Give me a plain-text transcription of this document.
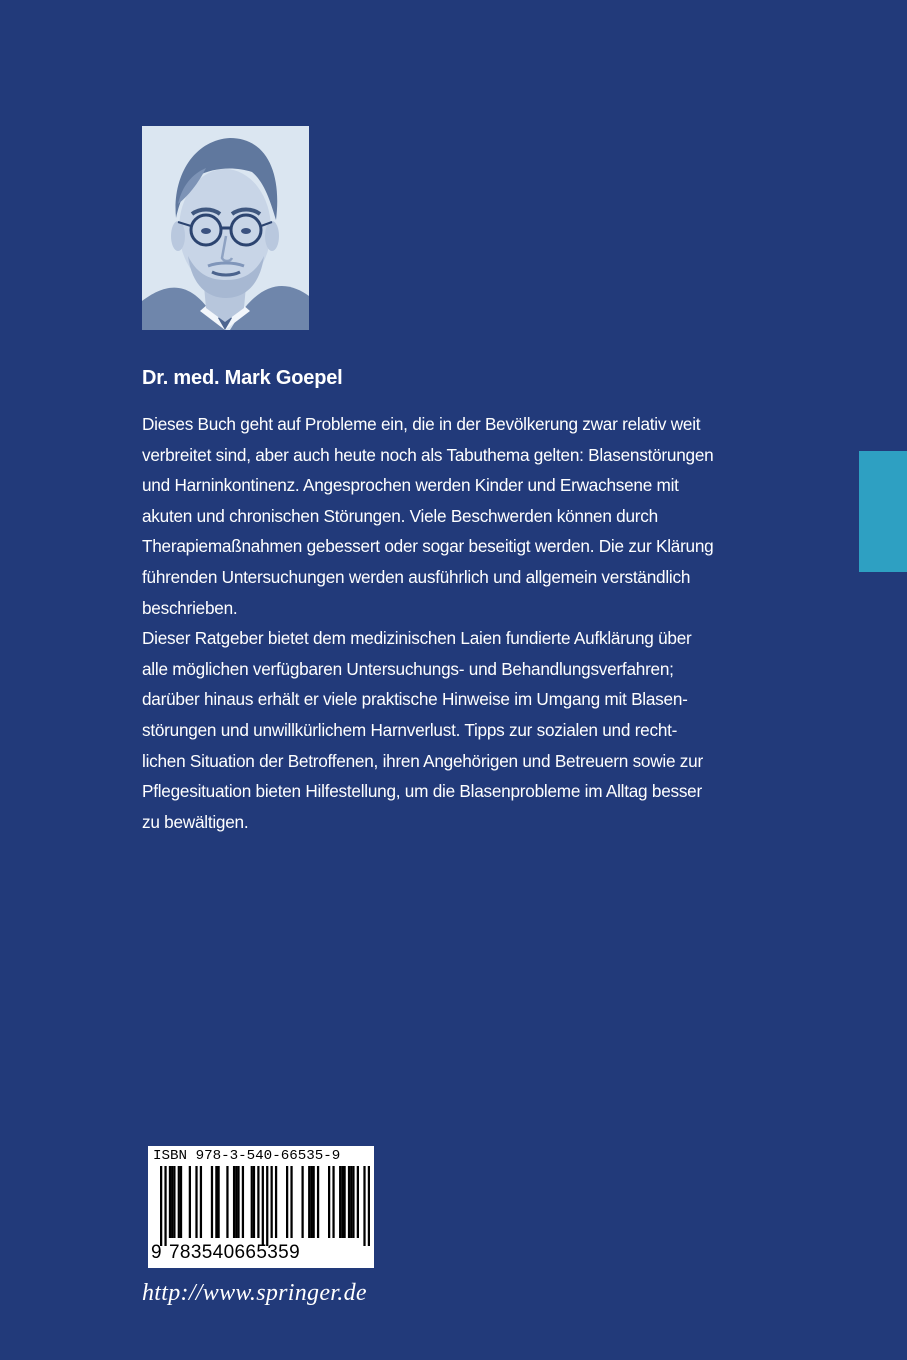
Dr. med. Mark Goepel
Dieses Buch geht auf Probleme ein, die in der Bevölkerung zwar relativ weit
verbreitet sind, aber auch heute noch als Tabuthema gelten: Blasenstörungen
und Harninkontinenz. Angesprochen werden Kinder und Erwachsene mit
akuten und chronischen Störungen. Viele Beschwerden können durch
Therapiemaßnahmen gebessert oder sogar beseitigt werden. Die zur Klärung
führenden Untersuchungen werden ausführlich und allgemein verständlich
beschrieben.
Dieser Ratgeber bietet dem medizinischen Laien fundierte Aufklärung über
alle möglichen verfügbaren Untersuchungs- und Behandlungsverfahren;
darüber hinaus erhält er viele praktische Hinweise im Umgang mit Blasen-
störungen und unwillkürlichem Harnverlust. Tipps zur sozialen und recht-
lichen Situation der Betroffenen, ihren Angehörigen und Betreuern sowie zur
Pflegesituation bieten Hilfestellung, um die Blasenprobleme im Alltag besser
zu bewältigen.
ISBN 978-3-540-66535-9
9 783540665359
http://www.springer.de
